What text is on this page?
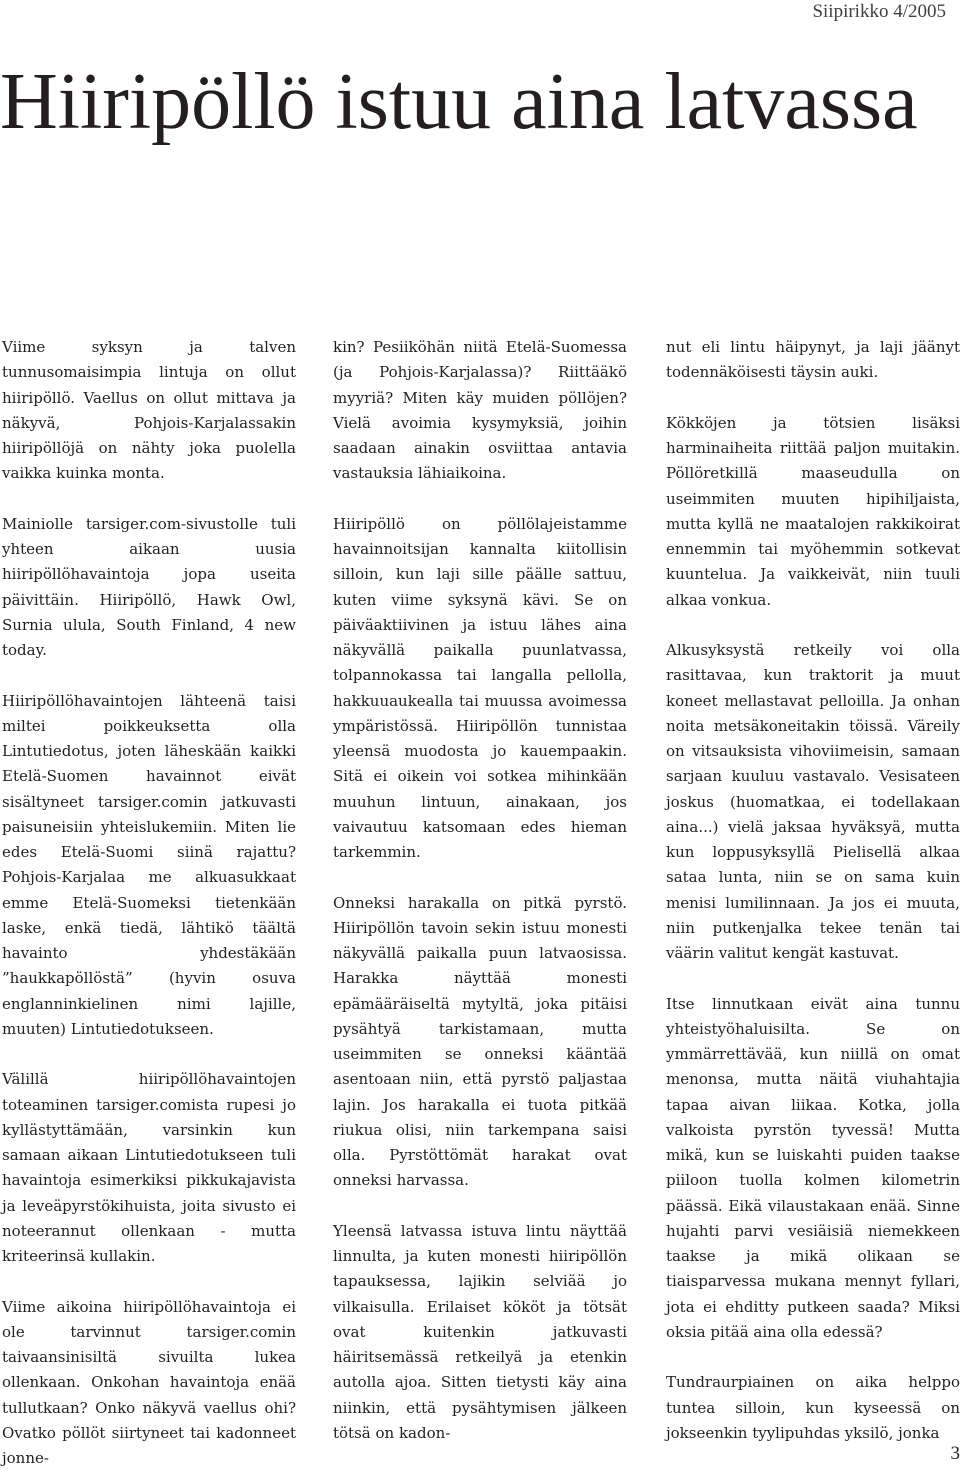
Siipirikko 4/2005
Hiiripöllö istuu aina latvassa

Viime syksyn ja talven tunnusomaisimpia lintuja on ollut hiiripöllö. Vaellus on ollut mittava ja näkyvä, Pohjois-Karjalassakin hiiripöllöjä on nähty joka puolella vaikka kuinka monta.

Mainiolle tarsiger.com-sivustolle tuli yhteen aikaan uusia hiiripöllöhavaintoja jopa useita päivittäin. Hiiripöllö, Hawk Owl, Surnia ulula, South Finland, 4 new today.

Hiiripöllöhavaintojen lähteenä taisi miltei poikkeuksetta olla Lintutiedotus, joten läheskään kaikki Etelä-Suomen havainnot eivät sisältyneet tarsiger.comin jatkuvasti paisuneisiin yhteislukemiin. Miten lie edes Etelä-Suomi siinä rajattu? Pohjois-Karjalaa me alkuasukkaat emme Etelä-Suomeksi tietenkään laske, enkä tiedä, lähtikö täältä havainto yhdestäkään ”haukkapöllöstä” (hyvin osuva englanninkielinen nimi lajille, muuten) Lintutiedotukseen.

Välillä hiiripöllöhavaintojen toteaminen tarsiger.comista rupesi jo kyllästyttämään, varsinkin kun samaan aikaan Lintutiedotukseen tuli havaintoja esimerkiksi pikkukajavista ja leveäpyrstökihuista, joita sivusto ei noteerannut ollenkaan - mutta kriteerinsä kullakin.

Viime aikoina hiiripöllöhavaintoja ei ole tarvinnut tarsiger.comin taivaansinisiltä sivuilta lukea ollenkaan. Onkohan havaintoja enää tullutkaan? Onko näkyvä vaellus ohi? Ovatko pöllöt siirtyneet tai kadonneet jonne-

kin? Pesiiköhän niitä Etelä-Suomessa (ja Pohjois-Karjalassa)? Riittääkö myyriä? Miten käy muiden pöllöjen? Vielä avoimia kysymyksiä, joihin saadaan ainakin osviittaa antavia vastauksia lähiaikoina.

Hiiripöllö on pöllölajeistamme havainnoitsijan kannalta kiitollisin silloin, kun laji sille päälle sattuu, kuten viime syksynä kävi. Se on päiväaktiivinen ja istuu lähes aina näkyvällä paikalla puunlatvassa, tolpannokassa tai langalla pellolla, hakkuuaukealla tai muussa avoimessa ympäristössä. Hiiripöllön tunnistaa yleensä muodosta jo kauempaakin. Sitä ei oikein voi sotkea mihinkään muuhun lintuun, ainakaan, jos vaivautuu katsomaan edes hieman tarkemmin.

Onneksi harakalla on pitkä pyrstö. Hiiripöllön tavoin sekin istuu monesti näkyvällä paikalla puun latvaosissa. Harakka näyttää monesti epämääräiseltä mytyltä, joka pitäisi pysähtyä tarkistamaan, mutta useimmiten se onneksi kääntää asentoaan niin, että pyrstö paljastaa lajin. Jos harakalla ei tuota pitkää riukua olisi, niin tarkempana saisi olla. Pyrstöttömät harakat ovat onneksi harvassa.

Yleensä latvassa istuva lintu näyttää linnulta, ja kuten monesti hiiripöllön tapauksessa, lajikin selviää jo vilkaisulla. Erilaiset kököt ja tötsät ovat kuitenkin jatkuvasti häiritsemässä retkeilyä ja etenkin autolla ajoa. Sitten tietysti käy aina niinkin, että pysähtymisen jälkeen tötsä on kadon-

nut eli lintu häipynyt, ja laji jäänyt todennäköisesti täysin auki.

Kökköjen ja tötsien lisäksi harminaiheita riittää paljon muitakin. Pöllöretkillä maaseudulla on useimmiten muuten hipihiljaista, mutta kyllä ne maatalojen rakkikoirat ennemmin tai myöhemmin sotkevat kuuntelua. Ja vaikkeivät, niin tuuli alkaa vonkua.

Alkusyksystä retkeily voi olla rasittavaa, kun traktorit ja muut koneet mellastavat pelloilla. Ja onhan noita metsäkoneitakin töissä. Väreily on vitsauksista vihoviimeisin, samaan sarjaan kuuluu vastavalo. Vesisateen joskus (huomatkaa, ei todellakaan aina...) vielä jaksaa hyväksyä, mutta kun loppusyksyllä Pielisellä alkaa sataa lunta, niin se on sama kuin menisi lumilinnaan. Ja jos ei muuta, niin putkenjalka tekee tenän tai väärin valitut kengät kastuvat.

Itse linnutkaan eivät aina tunnu yhteistyöhaluisilta. Se on ymmärrettävää, kun niillä on omat menonsa, mutta näitä viuhahtajia tapaa aivan liikaa. Kotka, jolla valkoista pyrstön tyvessä! Mutta mikä, kun se luiskahti puiden taakse piiloon tuolla kolmen kilometrin päässä. Eikä vilaustakaan enää. Sinne hujahti parvi vesiäisiä niemekkeen taakse ja mikä olikaan se tiaisparvessa mukana mennyt fyllari, jota ei ehditty putkeen saada? Miksi oksia pitää aina olla edessä?

Tundraurpiainen on aika helppo tuntea silloin, kun kyseessä on jokseenkin tyylipuhdas yksilö, jonka

3
